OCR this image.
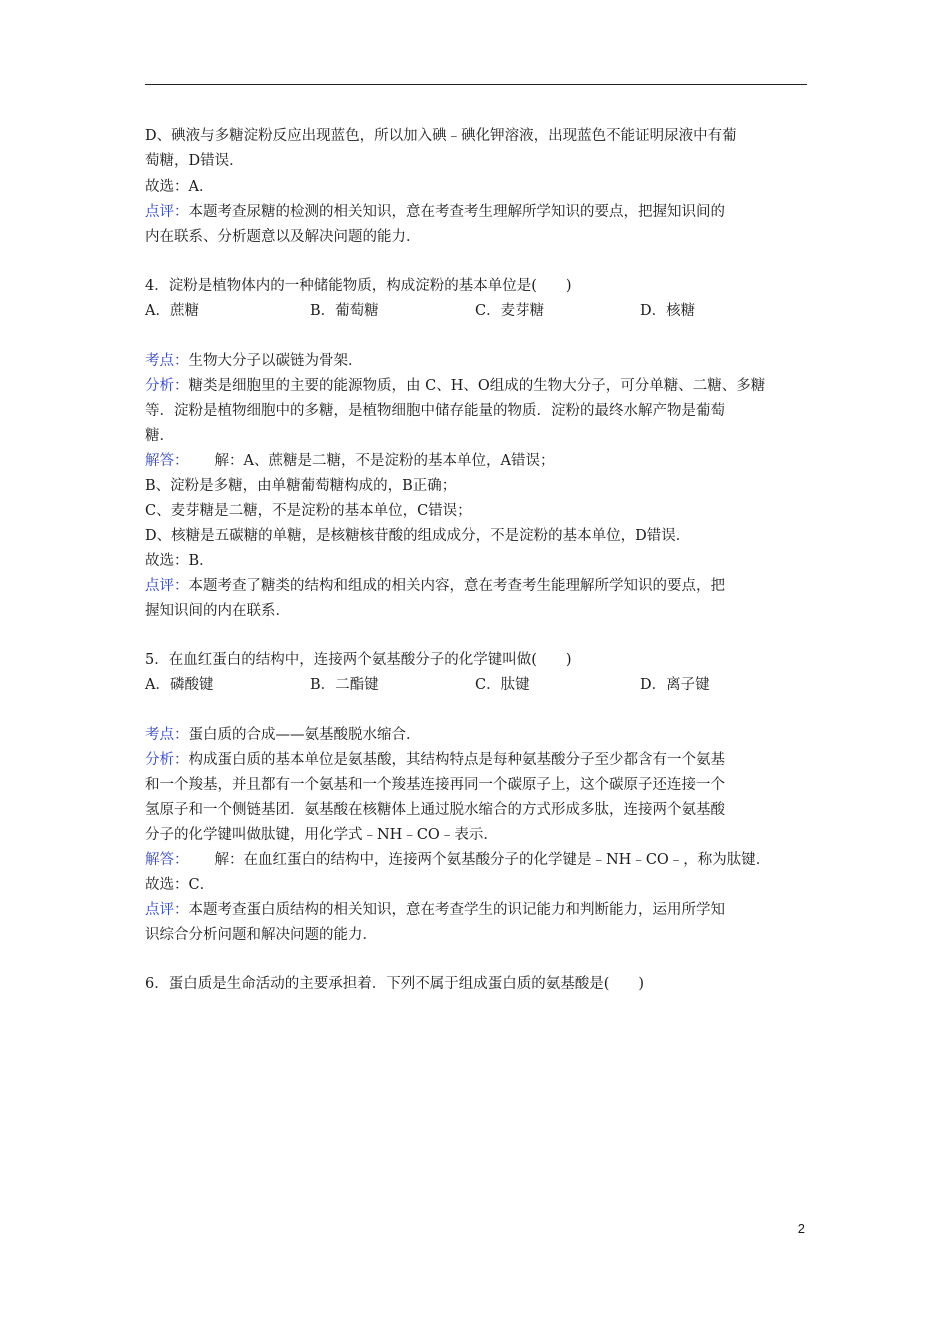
D、碘液与多糖淀粉反应出现蓝色，所以加入碘﹣碘化钾溶液，出现蓝色不能证明尿液中有葡
萄糖，D错误．
故选：A．
点评：本题考查尿糖的检测的相关知识，意在考查考生理解所学知识的要点，把握知识间的
内在联系、分析题意以及解决问题的能力．
4．淀粉是植物体内的一种储能物质，构成淀粉的基本单位是(　　)
A．蔗糖	B．葡萄糖	C．麦芽糖	D．核糖
考点：生物大分子以碳链为骨架．
分析：糖类是细胞里的主要的能源物质，由 C、H、O组成的生物大分子，可分单糖、二糖、多糖
等．淀粉是植物细胞中的多糖，是植物细胞中储存能量的物质．淀粉的最终水解产物是葡萄
糖．
解答： 解：A、蔗糖是二糖，不是淀粉的基本单位，A错误；
B、淀粉是多糖，由单糖葡萄糖构成的，B正确；
C、麦芽糖是二糖，不是淀粉的基本单位，C错误；
D、核糖是五碳糖的单糖，是核糖核苷酸的组成成分，不是淀粉的基本单位，D错误．
故选：B．
点评：本题考查了糖类的结构和组成的相关内容，意在考查考生能理解所学知识的要点，把
握知识间的内在联系．
5．在血红蛋白的结构中，连接两个氨基酸分子的化学键叫做(　　)
A．磷酸键	B．二酯键	C．肽键	D．离子键
考点：蛋白质的合成——氨基酸脱水缩合．
分析：构成蛋白质的基本单位是氨基酸，其结构特点是每种氨基酸分子至少都含有一个氨基
和一个羧基，并且都有一个氨基和一个羧基连接再同一个碳原子上，这个碳原子还连接一个
氢原子和一个侧链基团．氨基酸在核糖体上通过脱水缩合的方式形成多肽，连接两个氨基酸
分子的化学键叫做肽键，用化学式﹣NH﹣CO﹣表示．
解答： 解：在血红蛋白的结构中，连接两个氨基酸分子的化学键是﹣NH﹣CO﹣，称为肽键．
故选：C．
点评：本题考查蛋白质结构的相关知识，意在考查学生的识记能力和判断能力，运用所学知
识综合分析问题和解决问题的能力．
6．蛋白质是生命活动的主要承担着．下列不属于组成蛋白质的氨基酸是(　　)
2
